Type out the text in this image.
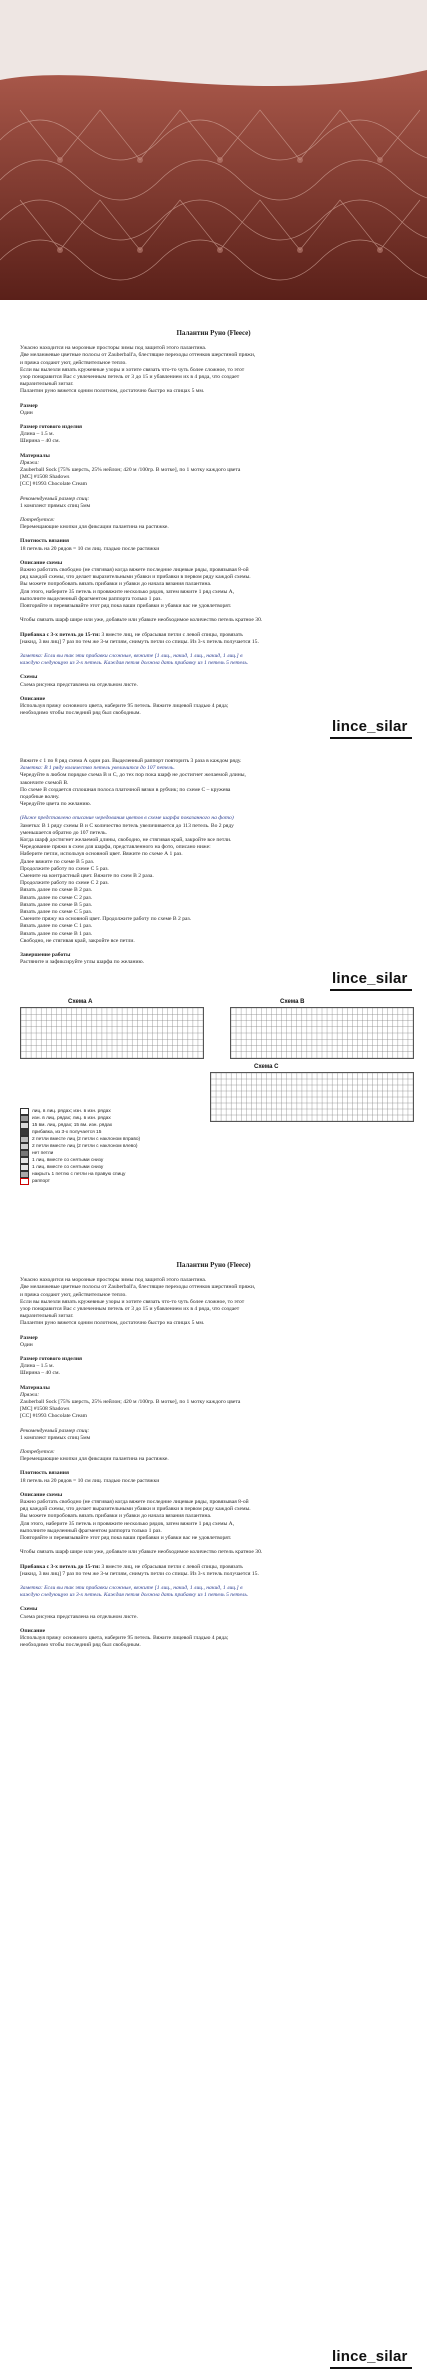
Палантин Руно (Fleece)

Ужасно находится на морозные просторы зимы под защитой этого палантина.

Две меланжевые цветные полосы от Zauberball'а, блестящие переходы оттенков шерстяной пряжи,

и пряжа создают уют, действительное тепло.

Если вы вылезли вязать кружевные узоры и хотите связать что-то чуть более сложное, то этот

узор понаравится Вас с увлеченным петель от 3 до 15 и убавлением их в 4 ряда, что создает

выразительный зигзаг.

Палантин руно вяжется одним полотном, достаточно быстро на спицах 5 мм.

Размер

Один

Размер готового изделия

Длина – 1.5 м.

Ширина – 40 см.

Материалы

Пряжа:

Zauberball Sock [75% шерсть, 25% нейлон; 420 м /100гр. В мотке], по 1 мотку каждого цвета

[MC] #1508 Shadows

[CC] #1993 Chocolate Cream

Рекомендуемый размер спиц:

1 комплект прямых спиц 5мм

Потребуется:

Перемещающие кнопки для фиксации палантина на растяжке.

Плотность вязания

18 петель на 20 рядов = 10 см лиц. гладью после растяжки

Описание схемы

Важно работать свободно (не стягивая) когда вяжете последние лицевые ряды, провязывая 8-ой

ряд каждой схемы, что делает выразительными убавки и прибавки в первом ряду каждой схемы.

Вы можете попробовать вязать прибавки и убавки до начала вязания палантина.

Для этого, наберите 35 петель и провяжите несколько рядов, затем вяжите 1 ряд схемы А,

выполните выделенный фрагментом раппорта только 1 раз.

Повторяйте и перевязывайте этот ряд пока ваши прибавки и убавки вас не удовлетворят.

Чтобы связать шарф шире или уже, добавьте или убавьте необходимое количество петель кратное 30.

Прибавка с 3-х петель до 15-ти: 3 вместе лиц, не сбрасывая петли с левой спицы, провязать

[накид, 3 вм лиц] 7 раз по тем же 3-м петлям, снимуть петли со спицы. Из 3-х петель получается 15.

Заметка: Если вы так эти прибавки сложные, вяжите [1 лиц., накид, 1 лиц., накид, 1 лиц.] в

каждую следующую из 3-х петель. Каждая петля должна дать прибавку из 1 петель 5 петель.

Схемы

Схема рисунка представлена на отдельном листе.

Описание

Используя пряжу основного цвета, наберите 95 петель. Вяжите лицевой гладью 4 ряда;

необходимо чтобы последний ряд был свободным.

lince_silar

Вяжите с 1 по 8 ряд схема А один раз. Выделенный раппорт повторить 3 раза в каждом ряду.

Заметка: В 1 ряду количество петель увеличится до 107 петель.

Чередуйте в любом порядке схема В и С, до тех пор пока шарф не достигнет желаемой длины,

закончите схемой В.

По схеме В создается сплошная полоса платочной вязки в рубчик; по схеме С – кружева

подобные волну.

Чередуйте цвета по желанию.

(Ниже представлено описание чередования цветов в схеме шарфа показанного на фото)

Заметка: В 1 ряду схемы В и С количество петель увеличивается до 113 петель. Во 2 ряду

уменьшается обратно до 107 петель.

Когда шарф достигнет желаемой длины, свободно, не стягивая край, закройте все петли.

Чередование пряжи в схем для шарфа, представленного на фото, описано ниже:

Наберите петли, используя основной цвет. Вяжите по схеме А 1 раз.

Далее вяжите по схеме В 5 раз.

Продолжите работу по схеме С 5 раз.

Смените на контрастный цвет. Вяжите по схем В 2 раза.

Продолжите работу по схеме С 2 раз.

Вязать далее по схеме В 2 раз.

Вязать далее по схеме С 2 раз.

Вязать далее по схеме В 5 раз.

Вязать далее по схеме С 5 раз.

Смените пряжу на основной цвет. Продолжите работу по схеме В 2 раз.

Вязать далее по схеме С 1 раз.

Вязать далее по схеме В 1 раз.

Свободно, не стягивая край, закройте все петли.

Завершение работы

Растяните и зафиксируйте углы шарфа по желанию.

lince_silar
Схема А	Схема В
Схема С
лиц. в лиц. рядах; изн. в изн. рядах
изн. в лиц. рядах; лиц. в изн. рядах
15 вм. лиц. рядах; 15 вм. изн. рядах
прибавка, из 3-х получается 15
2 петли вместе лиц (2 петли с наклоном вправо)
2 петли вместе лиц (2 петли с наклоном влево)
нет петли
1 лиц. вместе со снятыми снизу
1 лиц. вместе со снятыми снизу
накрыть 1 петлю с петли на правую спицу
раппорт

Палантин Руно (Fleece)

Ужасно находится на морозные просторы зимы под защитой этого палантина.

Две меланжевые цветные полосы от Zauberball'а, блестящие переходы оттенков шерстяной пряжи,

и пряжа создают уют, действительное тепло.

Если вы вылезли вязать кружевные узоры и хотите связать что-то чуть более сложное, то этот

узор понаравится Вас с увлеченным петель от 3 до 15 и убавлением их в 4 ряда, что создает

выразительный зигзаг.

Палантин руно вяжется одним полотном, достаточно быстро на спицах 5 мм.

Размер

Один

Размер готового изделия

Длина – 1.5 м.

Ширина – 40 см.

Материалы

Пряжа:

Zauberball Sock [75% шерсть, 25% нейлон; 420 м /100гр. В мотке], по 1 мотку каждого цвета

[MC] #1508 Shadows

[CC] #1993 Chocolate Cream

Рекомендуемый размер спиц:

1 комплект прямых спиц 5мм

Потребуется:

Перемещающие кнопки для фиксации палантина на растяжке.

Плотность вязания

18 петель на 20 рядов = 10 см лиц. гладью после растяжки

Описание схемы

Важно работать свободно (не стягивая) когда вяжете последние лицевые ряды, провязывая 8-ой

ряд каждой схемы, что делает выразительными убавки и прибавки в первом ряду каждой схемы.

Вы можете попробовать вязать прибавки и убавки до начала вязания палантина.

Для этого, наберите 35 петель и провяжите несколько рядов, затем вяжите 1 ряд схемы А,

выполните выделенный фрагментом раппорта только 1 раз.

Повторяйте и перевязывайте этот ряд пока ваши прибавки и убавки вас не удовлетворят.

Чтобы связать шарф шире или уже, добавьте или убавьте необходимое количество петель кратное 30.

Прибавка с 3-х петель до 15-ти: 3 вместе лиц, не сбрасывая петли с левой спицы, провязать

[накид, 3 вм лиц] 7 раз по тем же 3-м петлям, снимуть петли со спицы. Из 3-х петель получается 15.

Заметка: Если вы так эти прибавки сложные, вяжите [1 лиц., накид, 1 лиц., накид, 1 лиц.] в

каждую следующую из 3-х петель. Каждая петля должна дать прибавку из 1 петель 5 петель.

Схемы

Схема рисунка представлена на отдельном листе.

Описание

Используя пряжу основного цвета, наберите 95 петель. Вяжите лицевой гладью 4 ряда;

необходимо чтобы последний ряд был свободным.

lince_silar
